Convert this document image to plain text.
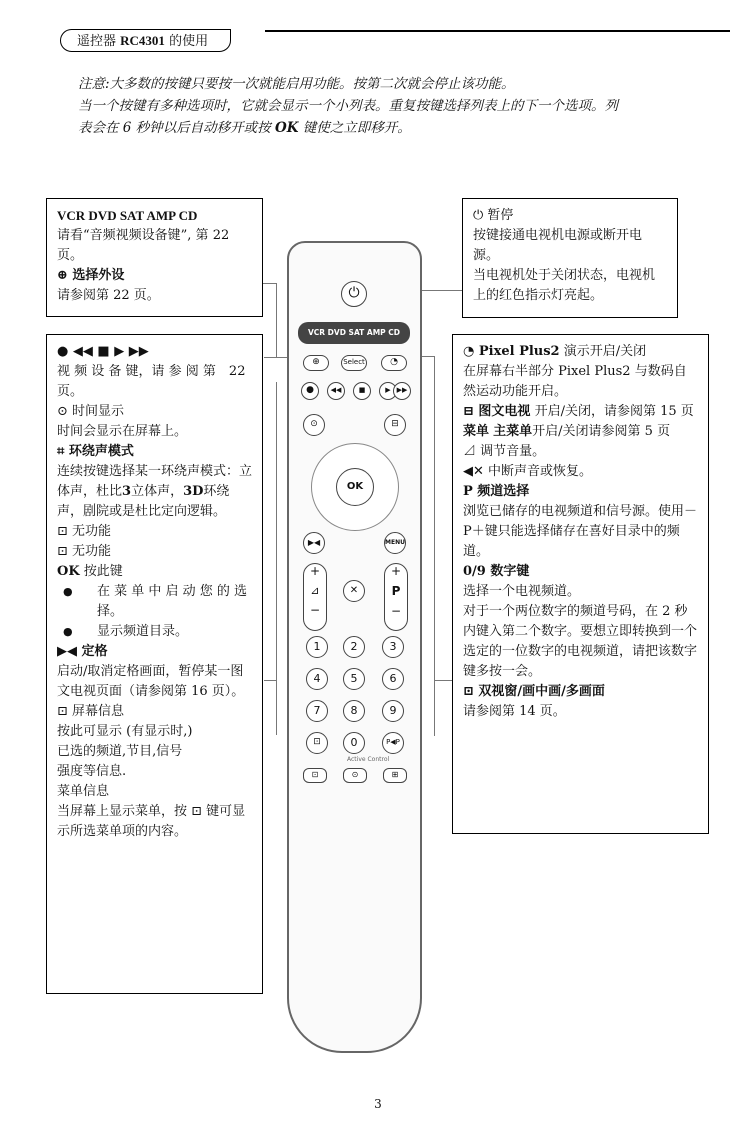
遥控器 RC4301 的使用
注意:大多数的按键只要按一次就能启用功能。按第二次就会停止该功能。
当一个按键有多种选项时，它就会显示一个小列表。重复按键选择列表上的下一个选项。列
表会在 6 秒钟以后自动移开或按 OK 键使之立即移开。
⏻
VCR DVD SAT AMP CD
⊕	Select	◔
●	◀◀	■	▶ ▶▶
⊙	⊟
OK
▶◀	MENU
+
⊿
−
✕
+
P
−
1	2	3
4	5	6
7	8	9
⊡	0	P◀P
Active Control
⊡	⊙	⊞

VCR DVD SAT AMP CD

请看“音频视频设备键”, 第 22 页。

⊕ 选择外设

请参阅第 22 页。

● ◀◀ ■ ▶ ▶▶

视 频 设 备 键，请 参 阅 第　22 页。

⊙ 时间显示

时间会显示在屏幕上。

⌗ 环绕声模式

连续按键选择某一环绕声模式：立体声，杜比3立体声，3D环绕声，剧院或是杜比定向逻辑。

⊡ 无功能

⊡ 无功能

OK 按此键

● 在 菜 单 中 启 动 您 的 选 择。
● 显示频道目录。

▶◀ 定格

启动/取消定格画面，暂停某一图文电视页面（请参阅第 16 页）。

⊡ 屏幕信息

按此可显示 (有显示时,)

已选的频道,节目,信号

强度等信息.

菜单信息

当屏幕上显示菜单，按 ⊡ 键可显示所选菜单项的内容。

⏻ 暂停

按键接通电视机电源或断开电源。

当电视机处于关闭状态，电视机上的红色指示灯亮起。

◔ Pixel Plus2 演示开启/关闭

在屏幕右半部分 Pixel Plus2 与数码自然运动功能开启。

⊟ 图文电视 开启/关闭，请参阅第 15 页

菜单 主菜单开启/关闭请参阅第 5 页

⊿ 调节音量。

◀✕ 中断声音或恢复。

P 频道选择

浏览已储存的电视频道和信号源。使用－P＋键只能选择储存在喜好目录中的频道。

0/9 数字键

选择一个电视频道。

对于一个两位数字的频道号码，在 2 秒内键入第二个数字。要想立即转换到一个选定的一位数字的电视频道，请把该数字键多按一会。

⊡ 双视窗/画中画/多画面

请参阅第 14 页。

3
